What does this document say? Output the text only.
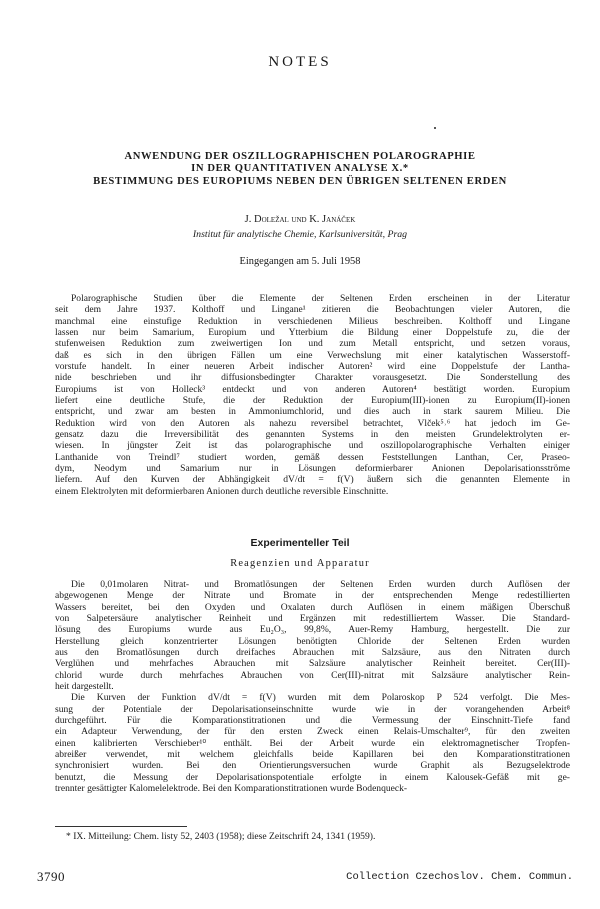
NOTES
ANWENDUNG DER OSZILLOGRAPHISCHEN POLAROGRAPHIE
IN DER QUANTITATIVEN ANALYSE X.*
BESTIMMUNG DES EUROPIUMS NEBEN DEN ÜBRIGEN SELTENEN ERDEN
J. Doležal und K. Janáček
Institut für analytische Chemie, Karlsuniversität, Prag
Eingegangen am 5. Juli 1958
Polarographische Studien über die Elemente der Seltenen Erden erscheinen in der Literatur
seit dem Jahre 1937. Kolthoff und Lingane¹ zitieren die Beobachtungen vieler Autoren, die
manchmal eine einstufige Reduktion in verschiedenen Milieus beschreiben. Kolthoff und Lingane
lassen nur beim Samarium, Europium und Ytterbium die Bildung einer Doppelstufe zu, die der
stufenweisen Reduktion zum zweiwertigen Ion und zum Metall entspricht, und setzen voraus,
daß es sich in den übrigen Fällen um eine Verwechslung mit einer katalytischen Wasserstoff-
vorstufe handelt. In einer neueren Arbeit indischer Autoren² wird eine Doppelstufe der Lantha-
nide beschrieben und ihr diffusionsbedingter Charakter vorausgesetzt. Die Sonderstellung des
Europiums ist von Holleck³ entdeckt und von anderen Autoren⁴ bestätigt worden. Europium
liefert eine deutliche Stufe, die der Reduktion der Europium(III)-ionen zu Europium(II)-ionen
entspricht, und zwar am besten in Ammoniumchlorid, und dies auch in stark saurem Milieu. Die
Reduktion wird von den Autoren als nahezu reversibel betrachtet, Vlček⁵˒⁶ hat jedoch im Ge-
gensatz dazu die Irreversibilität des genannten Systems in den meisten Grundelektrolyten er-
wiesen. In jüngster Zeit ist das polarographische und oszillopolarographische Verhalten einiger
Lanthanide von Treindl⁷ studiert worden, gemäß dessen Feststellungen Lanthan, Cer, Praseo-
dym, Neodym und Samarium nur in Lösungen deformierbarer Anionen Depolarisationsströme
liefern. Auf den Kurven der Abhängigkeit dV/dt = f(V) äußern sich die genannten Elemente in
einem Elektrolyten mit deformierbaren Anionen durch deutliche reversible Einschnitte.
Experimenteller Teil
Reagenzien und Apparatur
Die 0,01molaren Nitrat- und Bromatlösungen der Seltenen Erden wurden durch Auflösen der
abgewogenen Menge der Nitrate und Bromate in der entsprechenden Menge redestillierten
Wassers bereitet, bei den Oxyden und Oxalaten durch Auflösen in einem mäßigen Überschuß
von Salpetersäure analytischer Reinheit und Ergänzen mit redestilliertem Wasser. Die Standard-
lösung des Europiums wurde aus Eu₂O₃, 99,8%, Auer-Remy Hamburg, hergestellt. Die zur
Herstellung gleich konzentrierter Lösungen benötigten Chloride der Seltenen Erden wurden
aus den Bromatlösungen durch dreifaches Abrauchen mit Salzsäure, aus den Nitraten durch
Verglühen und mehrfaches Abrauchen mit Salzsäure analytischer Reinheit bereitet. Cer(III)-
chlorid wurde durch mehrfaches Abrauchen von Cer(III)-nitrat mit Salzsäure analytischer Rein-
heit dargestellt.
Die Kurven der Funktion dV/dt = f(V) wurden mit dem Polaroskop P 524 verfolgt. Die Mes-
sung der Potentiale der Depolarisationseinschnitte wurde wie in der vorangehenden Arbeit⁸
durchgeführt. Für die Komparationstitrationen und die Vermessung der Einschnitt-Tiefe fand
ein Adapteur Verwendung, der für den ersten Zweck einen Relais-Umschalter⁹, für den zweiten
einen kalibrierten Verschieber¹⁰ enthält. Bei der Arbeit wurde ein elektromagnetischer Tropfen-
abreißer verwendet, mit welchem gleichfalls beide Kapillaren bei den Komparationstitrationen
synchronisiert wurden. Bei den Orientierungsversuchen wurde Graphit als Bezugselektrode
benutzt, die Messung der Depolarisationspotentiale erfolgte in einem Kalousek-Gefäß mit ge-
trennter gesättigter Kalomelelektrode. Bei den Komparationstitrationen wurde Bodenqueck-
* IX. Mitteilung: Chem. listy 52, 2403 (1958); diese Zeitschrift 24, 1341 (1959).
3790	Collection Czechoslov. Chem. Commun.
